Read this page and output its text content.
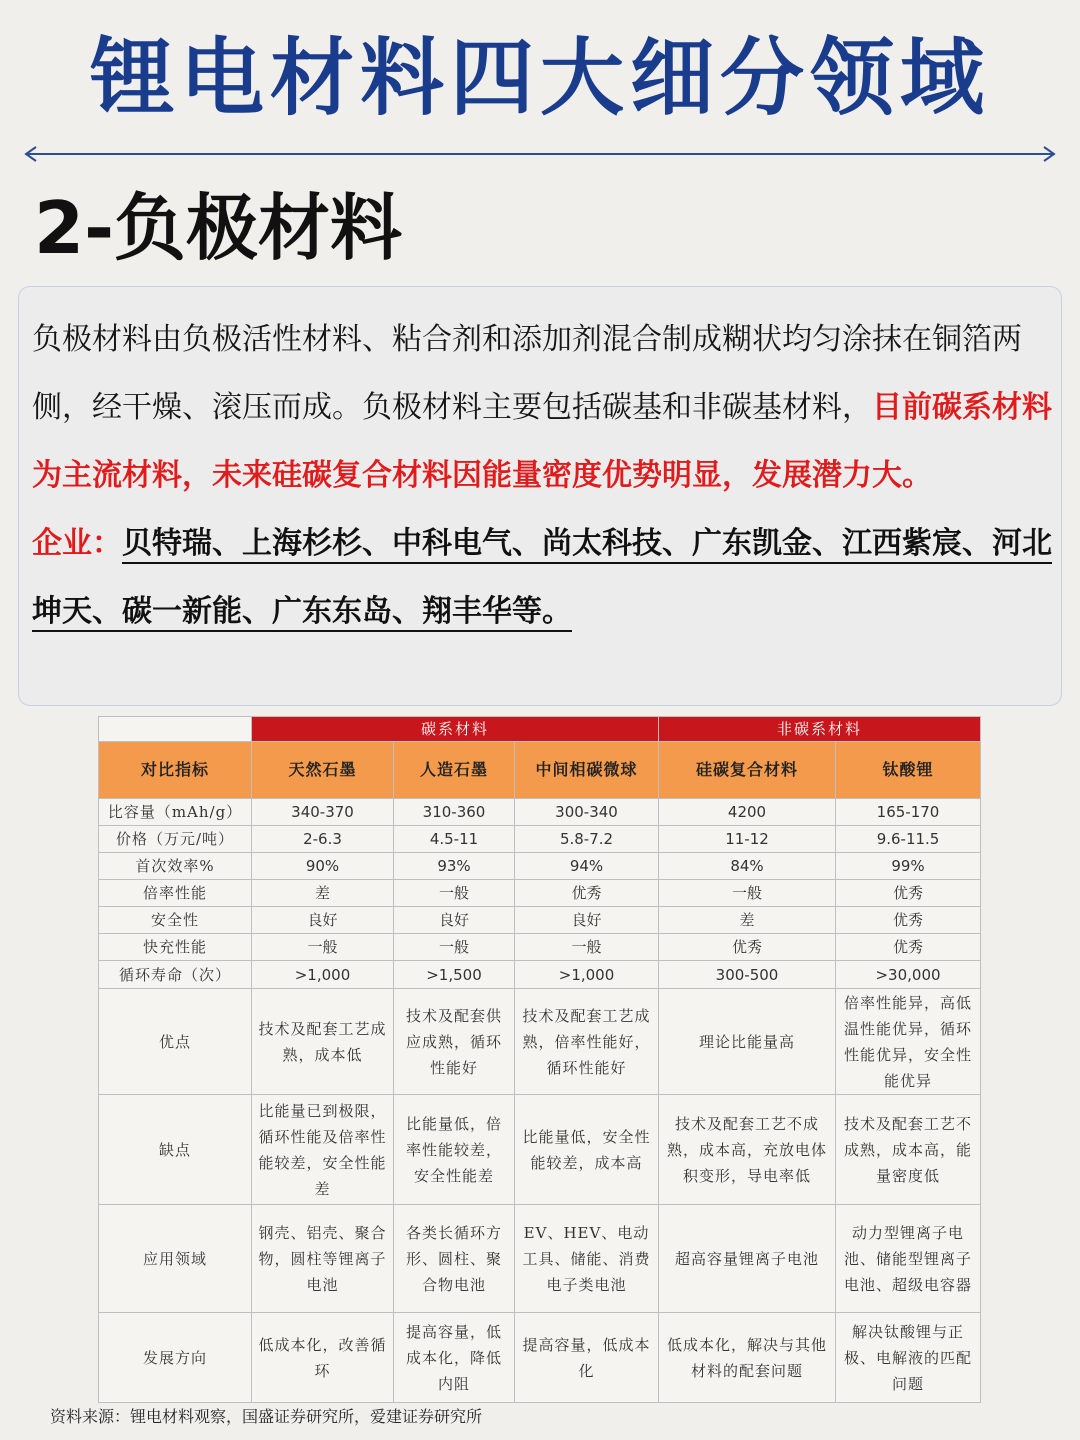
锂电材料四大细分领域
2-负极材料

负极材料由负极活性材料、粘合剂和添加剂混合制成糊状均匀涂抹在铜箔两侧，经干燥、滚压而成。负极材料主要包括碳基和非碳基材料，目前碳系材料为主流材料，未来硅碳复合材料因能量密度优势明显，发展潜力大。
企业：贝特瑞、上海杉杉、中科电气、尚太科技、广东凯金、江西紫宸、河北坤天、碳一新能、广东东岛、翔丰华等。

	碳系材料			非碳系材料	
对比指标	天然石墨	人造石墨	中间相碳微球	硅碳复合材料	钛酸锂
比容量（mAh/g）	340-370	310-360	300-340	4200	165-170
价格（万元/吨）	2-6.3	4.5-11	5.8-7.2	11-12	9.6-11.5
首次效率%	90%	93%	94%	84%	99%
倍率性能	差	一般	优秀	一般	优秀
安全性	良好	良好	良好	差	优秀
快充性能	一般	一般	一般	优秀	优秀
循环寿命（次）	>1,000	>1,500	>1,000	300-500	>30,000
优点	技术及配套工艺成熟，成本低	技术及配套供应成熟，循环性能好	技术及配套工艺成熟，倍率性能好，循环性能好	理论比能量高	倍率性能异，高低温性能优异，循环性能优异，安全性能优异
缺点	比能量已到极限，循环性能及倍率性能较差，安全性能差	比能量低，倍率性能较差，安全性能差	比能量低，安全性能较差，成本高	技术及配套工艺不成熟，成本高，充放电体积变形，导电率低	技术及配套工艺不成熟，成本高，能量密度低
应用领域	钢壳、铝壳、聚合物，圆柱等锂离子电池	各类长循环方形、圆柱、聚合物电池	EV、HEV、电动工具、储能、消费电子类电池	超高容量锂离子电池	动力型锂离子电池、储能型锂离子电池、超级电容器
发展方向	低成本化，改善循环	提高容量，低成本化，降低内阻	提高容量，低成本化	低成本化，解决与其他材料的配套问题	解决钛酸锂与正极、电解液的匹配问题
资料来源：锂电材料观察，国盛证券研究所，爱建证券研究所
